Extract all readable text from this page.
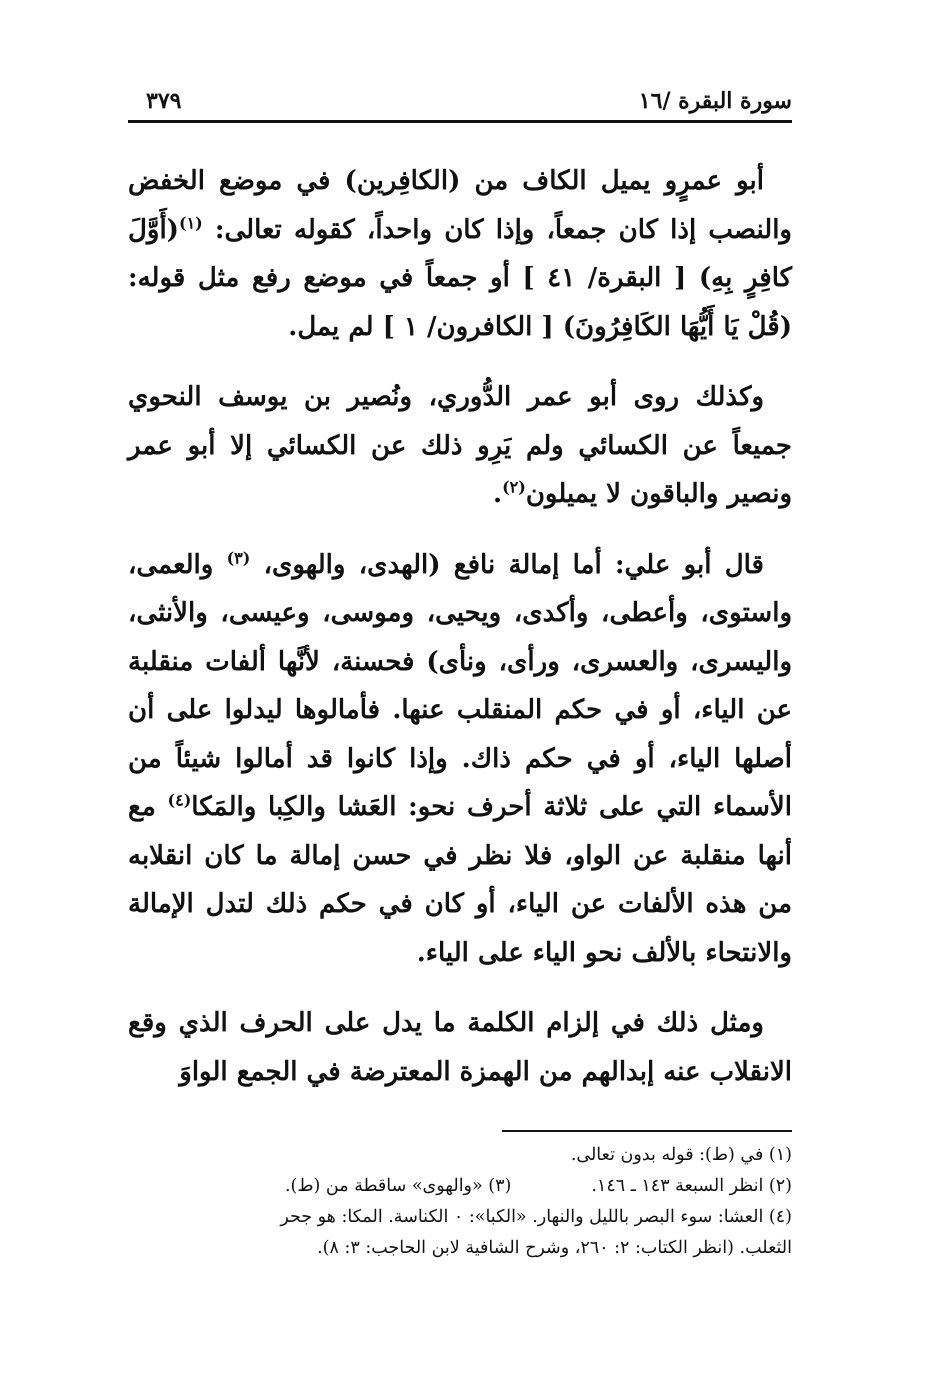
سورة البقرة /١٦
٣٧٩

أبو عمرٍو يميل الكاف من (الكافِرين) في موضع الخفض والنصب إذا كان جمعاً، وإذا كان واحداً، كقوله تعالى: $^{(١)}$(أَوَّلَ كافِرٍ بِهِ) [ البقرة/ ٤١ ] أو جمعاً في موضع رفع مثل قوله: (قُلْ يَا أَيُّهَا الكَافِرُونَ) [ الكافرون/ ١ ] لم يمل.

وكذلك روى أبو عمر الدُّوري، ونُصير بن يوسف النحوي جميعاً عن الكسائي ولم يَرِو ذلك عن الكسائي إلا أبو عمر ونصير والباقون لا يميلون$^{(٢)}$.

قال أبو علي: أما إمالة نافع (الهدى، والهوى، $^{(٣)}$ والعمى، واستوى، وأعطى، وأكدى، ويحيى، وموسى، وعيسى، والأنثى، واليسرى، والعسرى، ورأى، ونأى) فحسنة، لأنَّها ألفات منقلبة عن الياء، أو في حكم المنقلب عنها. فأمالوها ليدلوا على أن أصلها الياء، أو في حكم ذاك. وإذا كانوا قد أمالوا شيئاً من الأسماء التي على ثلاثة أحرف نحو: العَشا والكِبا والمَكا$^{(٤)}$ مع أنها منقلبة عن الواو، فلا نظر في حسن إمالة ما كان انقلابه من هذه الألفات عن الياء، أو كان في حكم ذلك لتدل الإمالة والانتحاء بالألف نحو الياء على الياء.

ومثل ذلك في إلزام الكلمة ما يدل على الحرف الذي وقع الانقلاب عنه إبدالهم من الهمزة المعترضة في الجمع الواوَ

(١) في (ط): قوله بدون تعالى.
(٢) انظر السبعة ١٤٣ ـ ١٤٦.
(٣) «والهوى» ساقطة من (ط).
(٤) العشا: سوء البصر بالليل والنهار. «الكبا»: ٠ الكناسة. المكا: هو جحر
الثعلب. (انظر الكتاب: ٢: ٢٦٠، وشرح الشافية لابن الحاجب: ٣: ٨).
